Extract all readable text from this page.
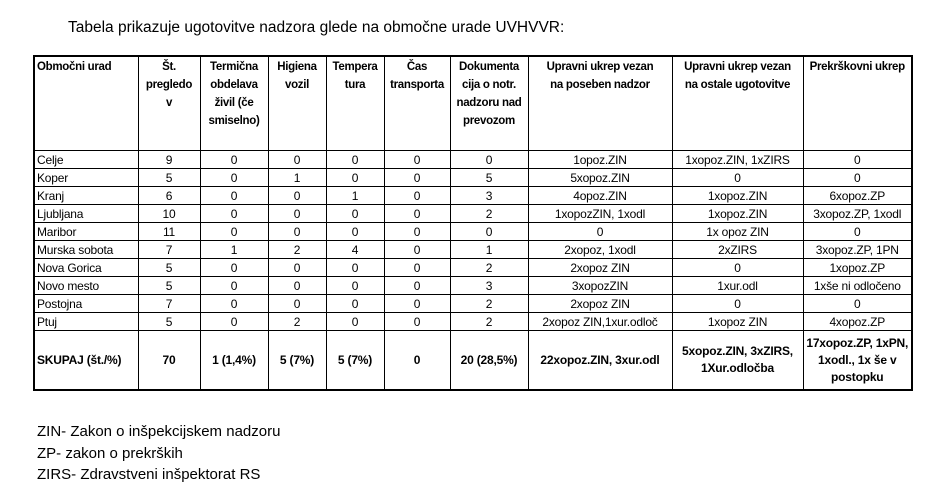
Tabela prikazuje ugotovitve nadzora glede na območne urade UVHVVR:
Območni urad	Št.
pregledo
v	Termična
obdelava
živil (če
smiselno)	Higiena
vozil	Tempera
tura	Čas
transporta	Dokumenta
cija o notr.
nadzoru nad
prevozom	Upravni ukrep vezan
na poseben nadzor	Upravni ukrep vezan
na ostale ugotovitve	Prekrškovni ukrep
Celje	9	0	0	0	0	0	1opoz.ZIN	1xopoz.ZIN, 1xZIRS	0
Koper	5	0	1	0	0	5	5xopoz.ZIN	0	0
Kranj	6	0	0	1	0	3	4opoz.ZIN	1xopoz.ZIN	6xopoz.ZP
Ljubljana	10	0	0	0	0	2	1xopozZIN, 1xodl	1xopoz.ZIN	3xopoz.ZP, 1xodl
Maribor	11	0	0	0	0	0	0	1x opoz ZIN	0
Murska sobota	7	1	2	4	0	1	2xopoz, 1xodl	2xZIRS	3xopoz.ZP, 1PN
Nova Gorica	5	0	0	0	0	2	2xopoz ZIN	0	1xopoz.ZP
Novo mesto	5	0	0	0	0	3	3xopozZIN	1xur.odl	1xše ni odločeno
Postojna	7	0	0	0	0	2	2xopoz ZIN	0	0
Ptuj	5	0	2	0	0	2	2xopoz ZIN,1xur.odloč	1xopoz ZIN	4xopoz.ZP
SKUPAJ (št./%)	70	1 (1,4%)	5 (7%)	5 (7%)	0	20 (28,5%)	22xopoz.ZIN, 3xur.odl	5xopoz.ZIN, 3xZIRS, 1Xur.odločba	17xopoz.ZP, 1xPN, 1xodl., 1x še v postopku
ZIN- Zakon o inšpekcijskem nadzoru
ZP- zakon o prekrških
ZIRS- Zdravstveni inšpektorat RS
